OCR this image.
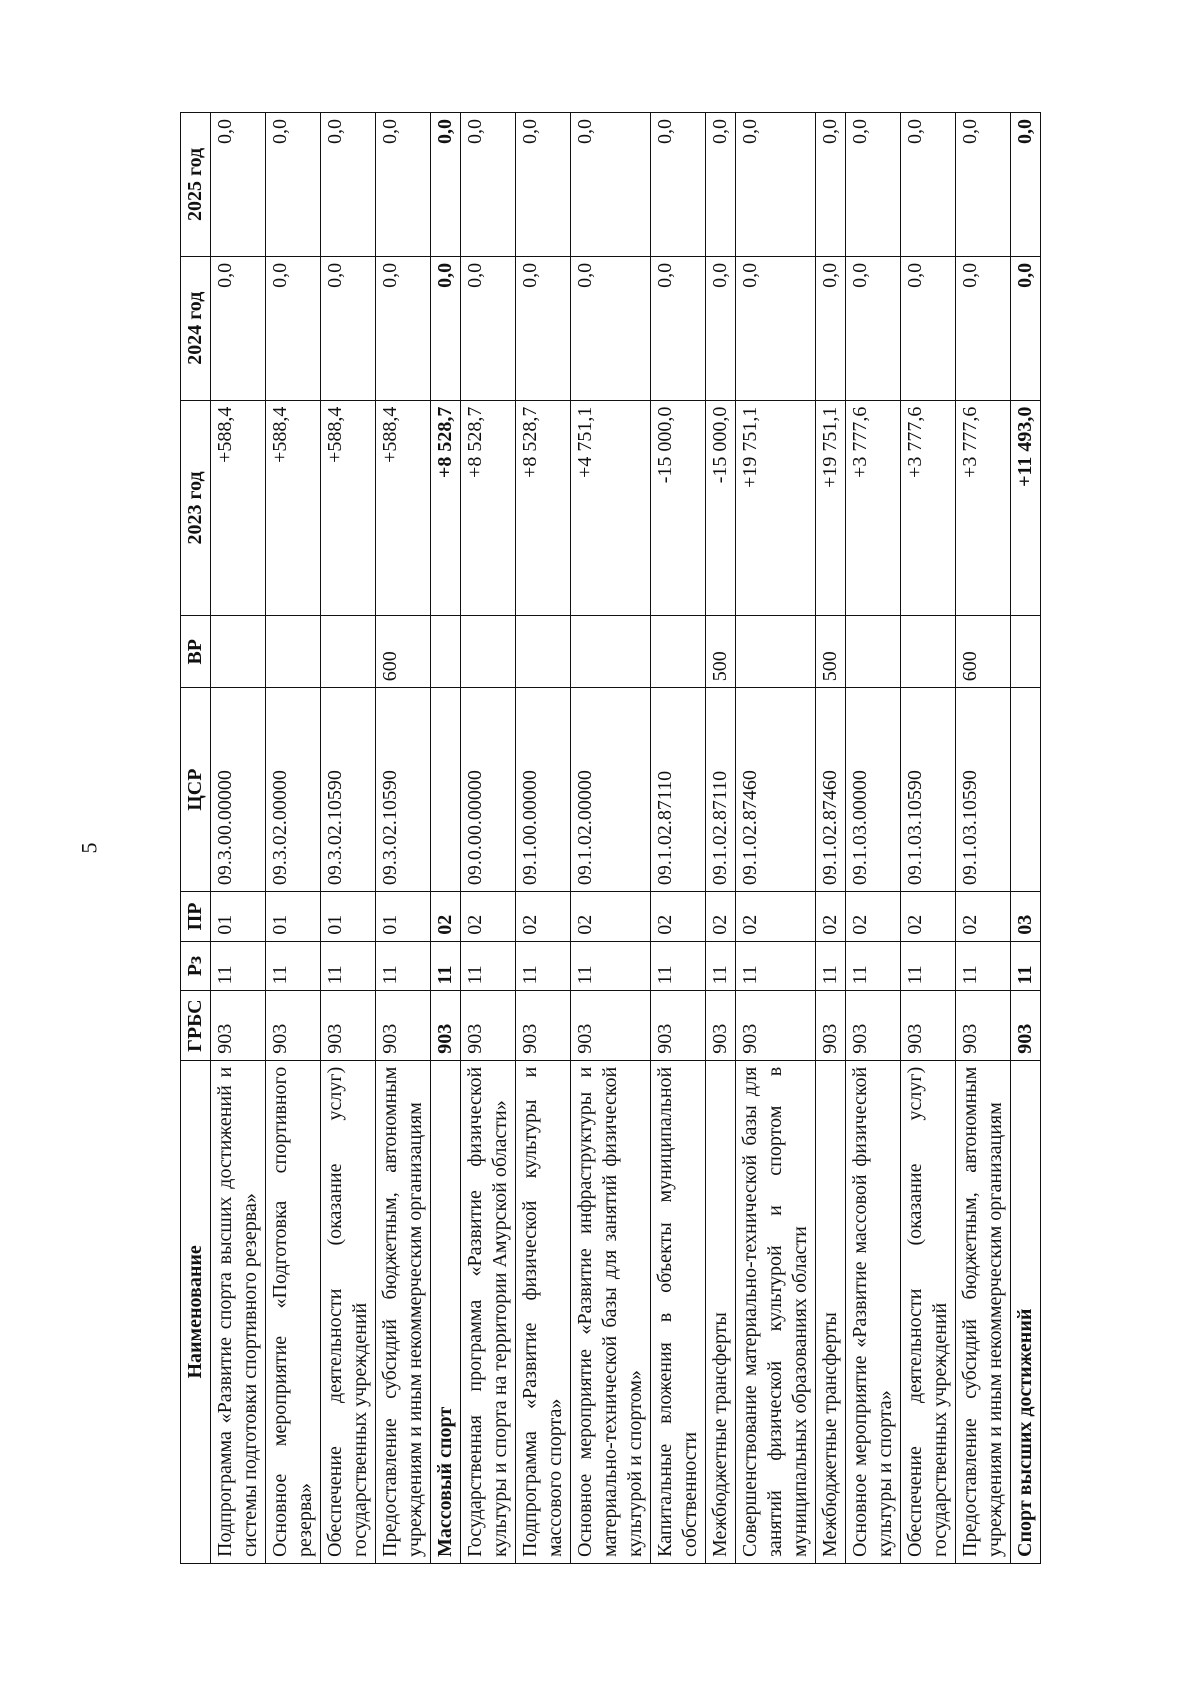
5
Наименование	ГРБС	Рз	ПР	ЦСР	ВР	2023 год	2024 год	2025 год
Подпрограмма «Развитие спорта высших достижений и системы подготовки спортивного резерва»	903	11	01	09.3.00.00000		+588,4	0,0	0,0
Основное мероприятие «Подготовка спортивного резерва»	903	11	01	09.3.02.00000		+588,4	0,0	0,0
Обеспечение деятельности (оказание услуг) государственных учреждений	903	11	01	09.3.02.10590		+588,4	0,0	0,0
Предоставление субсидий бюджетным, автономным учреждениям и иным некоммерческим организациям	903	11	01	09.3.02.10590	600	+588,4	0,0	0,0
Массовый спорт	903	11	02			+8 528,7	0,0	0,0
Государственная программа «Развитие физической культуры и спорта на территории Амурской области»	903	11	02	09.0.00.00000		+8 528,7	0,0	0,0
Подпрограмма «Развитие физической культуры и массового спорта»	903	11	02	09.1.00.00000		+8 528,7	0,0	0,0
Основное мероприятие «Развитие инфраструктуры и материально-технической базы для занятий физической культурой и спортом»	903	11	02	09.1.02.00000		+4 751,1	0,0	0,0
Капитальные вложения в объекты муниципальной собственности	903	11	02	09.1.02.87110		-15 000,0	0,0	0,0
Межбюджетные трансферты	903	11	02	09.1.02.87110	500	-15 000,0	0,0	0,0
Совершенствование материально-технической базы для занятий физической культурой и спортом в муниципальных образованиях области	903	11	02	09.1.02.87460		+19 751,1	0,0	0,0
Межбюджетные трансферты	903	11	02	09.1.02.87460	500	+19 751,1	0,0	0,0
Основное мероприятие «Развитие массовой физической культуры и спорта»	903	11	02	09.1.03.00000		+3 777,6	0,0	0,0
Обеспечение деятельности (оказание услуг) государственных учреждений	903	11	02	09.1.03.10590		+3 777,6	0,0	0,0
Предоставление субсидий бюджетным, автономным учреждениям и иным некоммерческим организациям	903	11	02	09.1.03.10590	600	+3 777,6	0,0	0,0
Спорт высших достижений	903	11	03			+11 493,0	0,0	0,0
